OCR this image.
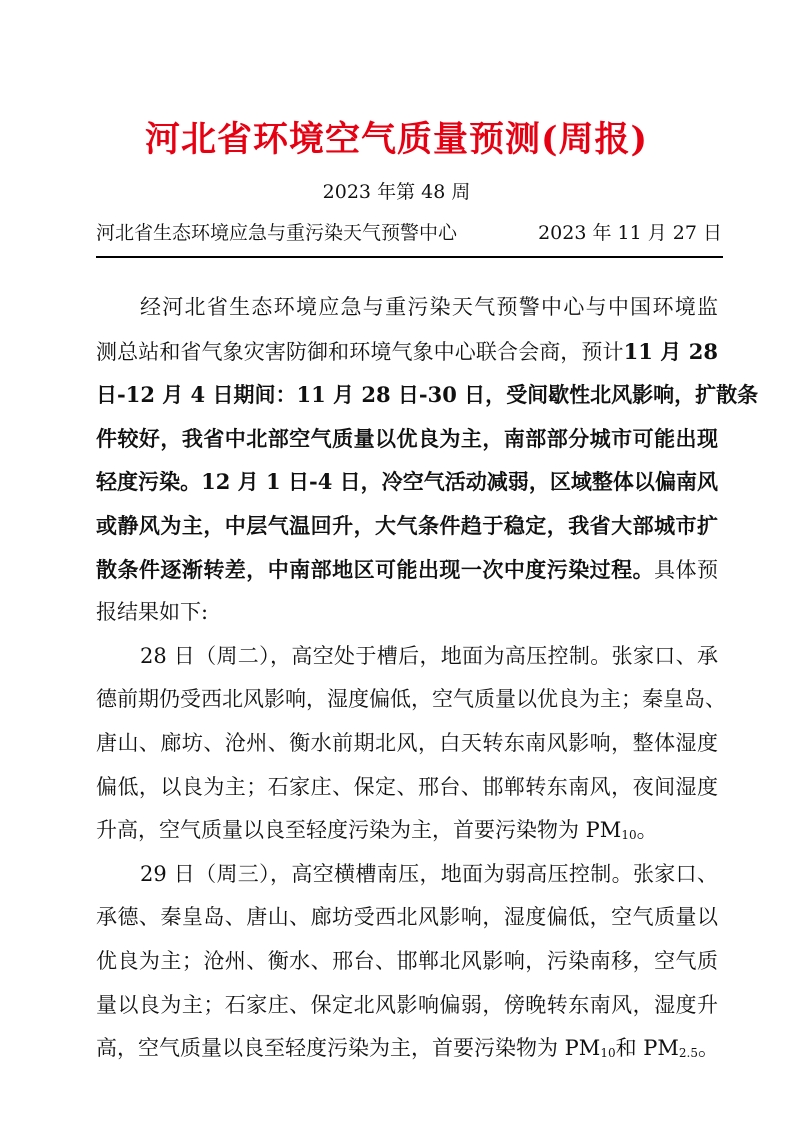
河北省环境空气质量预测(周报)
2023 年第 48 周
河北省生态环境应急与重污染天气预警中心	2023 年 11 月 27 日
经河北省生态环境应急与重污染天气预警中心与中国环境监
测总站和省气象灾害防御和环境气象中心联合会商，预计11 月 28
日-12 月 4 日期间：11 月 28 日-30 日，受间歇性北风影响，扩散条
件较好，我省中北部空气质量以优良为主，南部部分城市可能出现
轻度污染。12 月 1 日-4 日，冷空气活动减弱，区域整体以偏南风
或静风为主，中层气温回升，大气条件趋于稳定，我省大部城市扩
散条件逐渐转差，中南部地区可能出现一次中度污染过程。具体预
报结果如下:
28 日（周二），高空处于槽后，地面为高压控制。张家口、承
德前期仍受西北风影响，湿度偏低，空气质量以优良为主；秦皇岛、
唐山、廊坊、沧州、衡水前期北风，白天转东南风影响，整体湿度
偏低，以良为主；石家庄、保定、邢台、邯郸转东南风，夜间湿度
升高，空气质量以良至轻度污染为主，首要污染物为 $PM_{10}$。
29 日（周三），高空横槽南压，地面为弱高压控制。张家口、
承德、秦皇岛、唐山、廊坊受西北风影响，湿度偏低，空气质量以
优良为主；沧州、衡水、邢台、邯郸北风影响，污染南移，空气质
量以良为主；石家庄、保定北风影响偏弱，傍晚转东南风，湿度升
高，空气质量以良至轻度污染为主，首要污染物为 $PM_{10}$和 $PM_{2.5}$。
